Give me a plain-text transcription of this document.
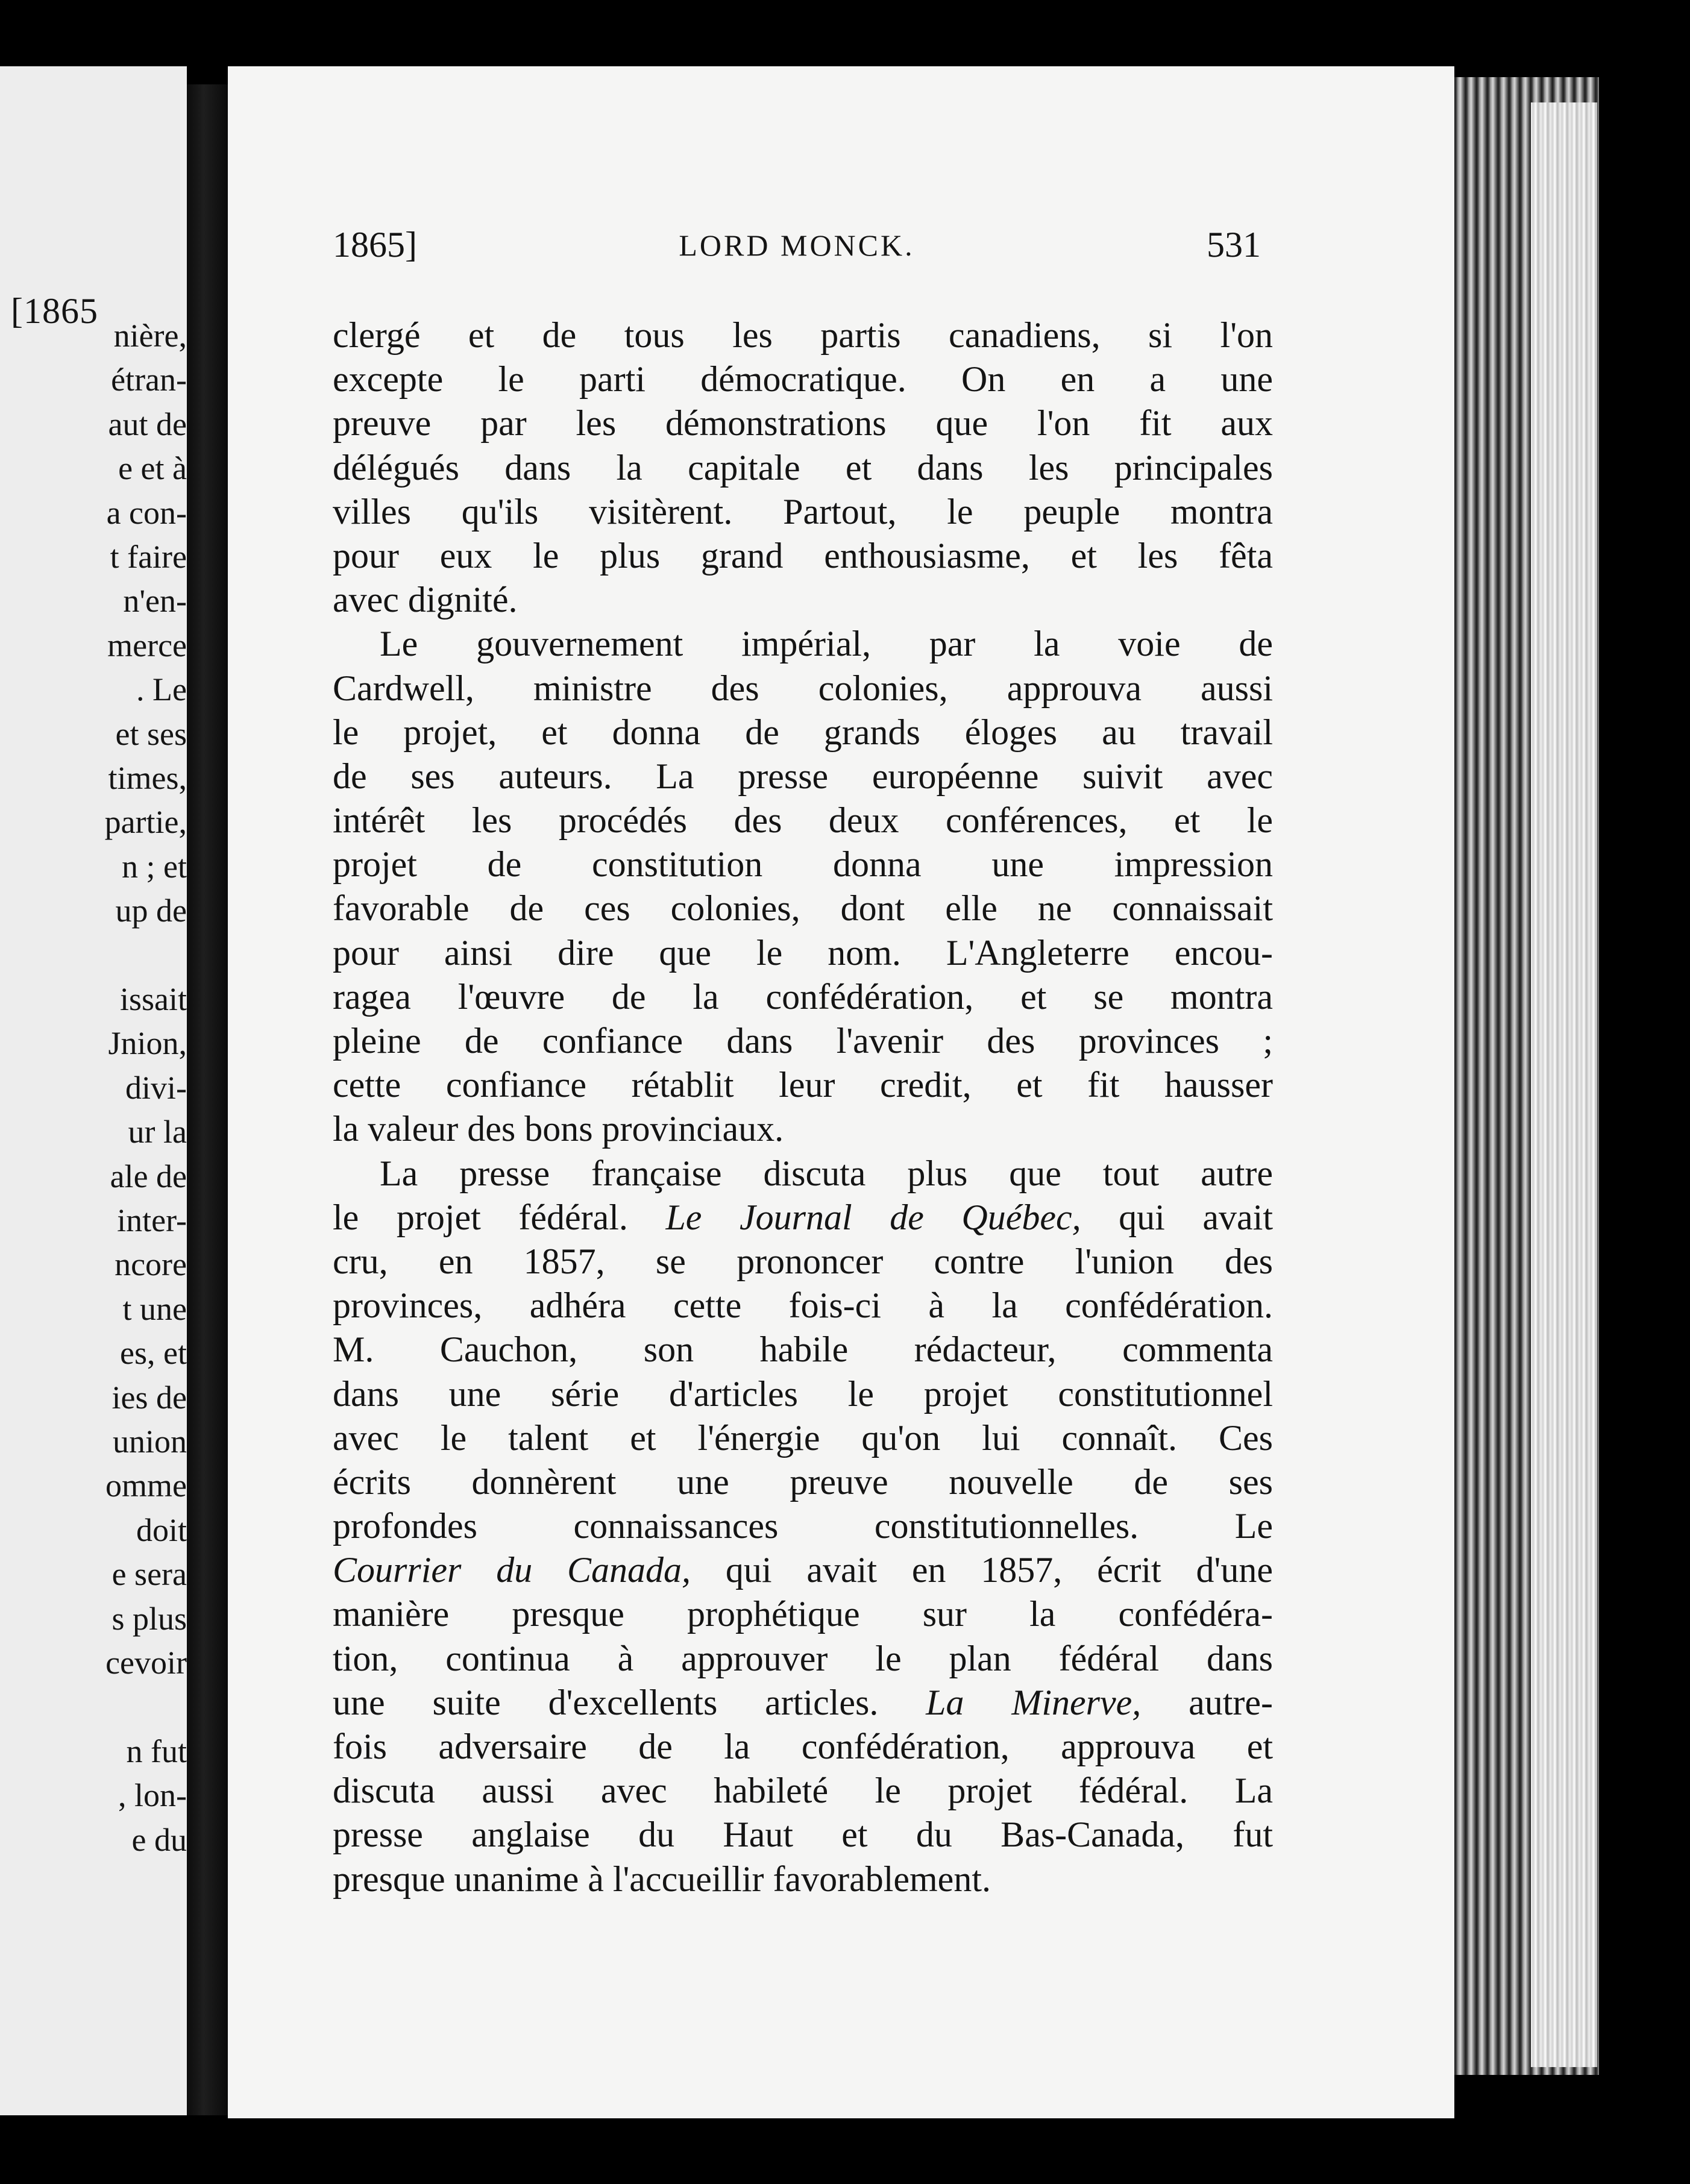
[1865
nière,
étran-
aut de
e et à
a con-
t faire
n'en-
merce
. Le
et ses
times,
partie,
n ; et
up de
issait
Jnion,
divi-
ur la
ale de
inter-
ncore
t une
es, et
ies de
union
omme
doit
e sera
s plus
cevoir
n fut
, lon-
e du
1865]	LORD MONCK.	531
clergé et de tous les partis canadiens, si l'on
excepte le parti démocratique. On en a une
preuve par les démonstrations que l'on fit aux
délégués dans la capitale et dans les principales
villes qu'ils visitèrent. Partout, le peuple montra
pour eux le plus grand enthousiasme, et les fêta
avec dignité.
Le gouvernement impérial, par la voie de
Cardwell, ministre des colonies, approuva aussi
le projet, et donna de grands éloges au travail
de ses auteurs. La presse européenne suivit avec
intérêt les procédés des deux conférences, et le
projet de constitution donna une impression
favorable de ces colonies, dont elle ne connaissait
pour ainsi dire que le nom. L'Angleterre encou-
ragea l'œuvre de la confédération, et se montra
pleine de confiance dans l'avenir des provinces ;
cette confiance rétablit leur credit, et fit hausser
la valeur des bons provinciaux.
La presse française discuta plus que tout autre
le projet fédéral. Le Journal de Québec, qui avait
cru, en 1857, se prononcer contre l'union des
provinces, adhéra cette fois-ci à la confédération.
M. Cauchon, son habile rédacteur, commenta
dans une série d'articles le projet constitutionnel
avec le talent et l'énergie qu'on lui connaît. Ces
écrits donnèrent une preuve nouvelle de ses
profondes connaissances constitutionnelles. Le
Courrier du Canada, qui avait en 1857, écrit d'une
manière presque prophétique sur la confédéra-
tion, continua à approuver le plan fédéral dans
une suite d'excellents articles. La Minerve, autre-
fois adversaire de la confédération, approuva et
discuta aussi avec habileté le projet fédéral. La
presse anglaise du Haut et du Bas-Canada, fut
presque unanime à l'accueillir favorablement.
